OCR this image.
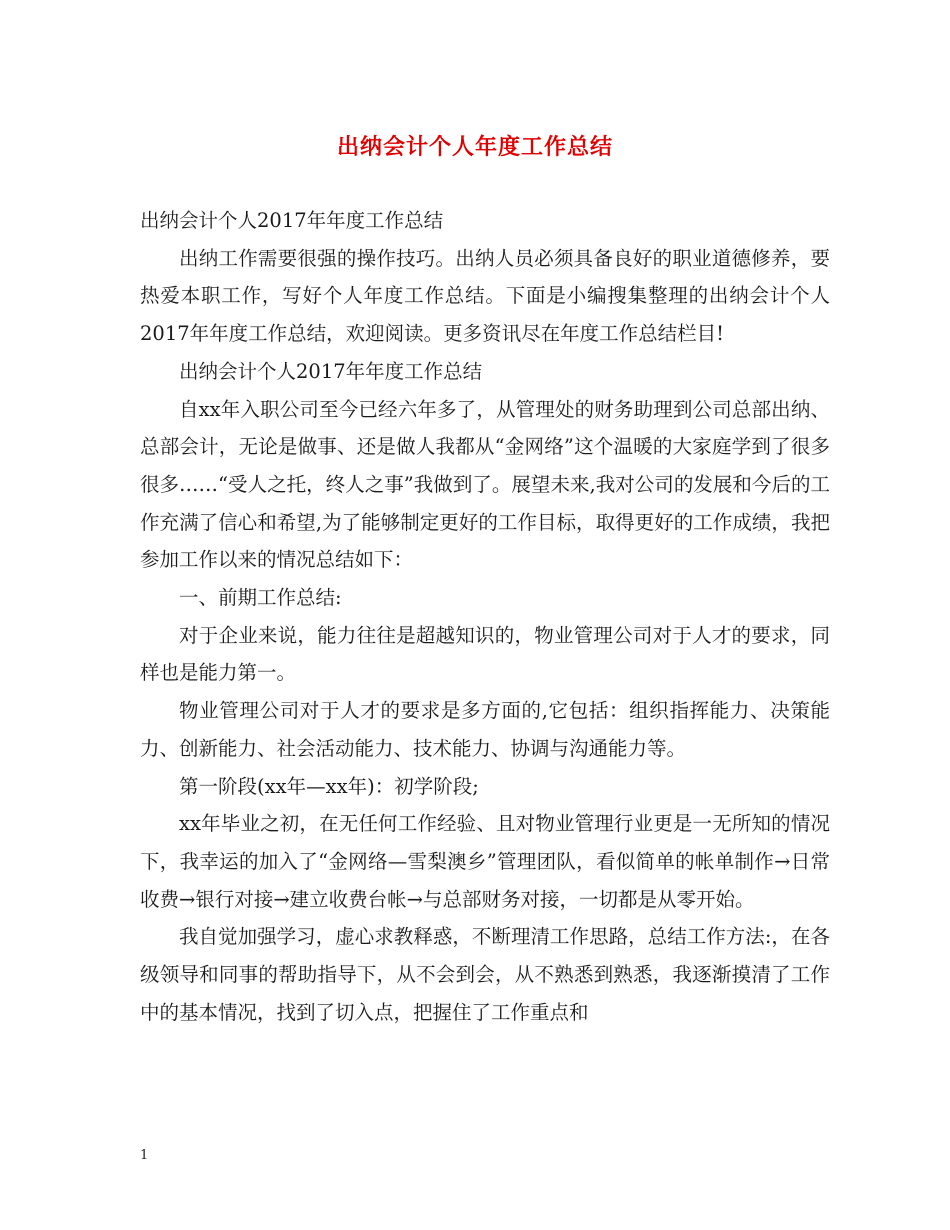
出纳会计个人年度工作总结

出纳会计个人2017年年度工作总结

出纳工作需要很强的操作技巧。出纳人员必须具备良好的职业道德修养，要热爱本职工作，写好个人年度工作总结。下面是小编搜集整理的出纳会计个人2017年年度工作总结，欢迎阅读。更多资讯尽在年度工作总结栏目!

出纳会计个人2017年年度工作总结

自xx年入职公司至今已经六年多了，从管理处的财务助理到公司总部出纳、总部会计，无论是做事、还是做人我都从“金网络”这个温暖的大家庭学到了很多很多……“受人之托，终人之事”我做到了。展望未来,我对公司的发展和今后的工作充满了信心和希望,为了能够制定更好的工作目标，取得更好的工作成绩，我把参加工作以来的情况总结如下：

一、前期工作总结:

对于企业来说，能力往往是超越知识的，物业管理公司对于人才的要求，同样也是能力第一。

物业管理公司对于人才的要求是多方面的,它包括：组织指挥能力、决策能力、创新能力、社会活动能力、技术能力、协调与沟通能力等。

第一阶段(xx年—xx年)：初学阶段;

xx年毕业之初，在无任何工作经验、且对物业管理行业更是一无所知的情况下，我幸运的加入了“金网络—雪梨澳乡”管理团队，看似简单的帐单制作→日常收费→银行对接→建立收费台帐→与总部财务对接，一切都是从零开始。

我自觉加强学习，虚心求教释惑，不断理清工作思路，总结工作方法:，在各级领导和同事的帮助指导下，从不会到会，从不熟悉到熟悉，我逐渐摸清了工作中的基本情况，找到了切入点，把握住了工作重点和

1
